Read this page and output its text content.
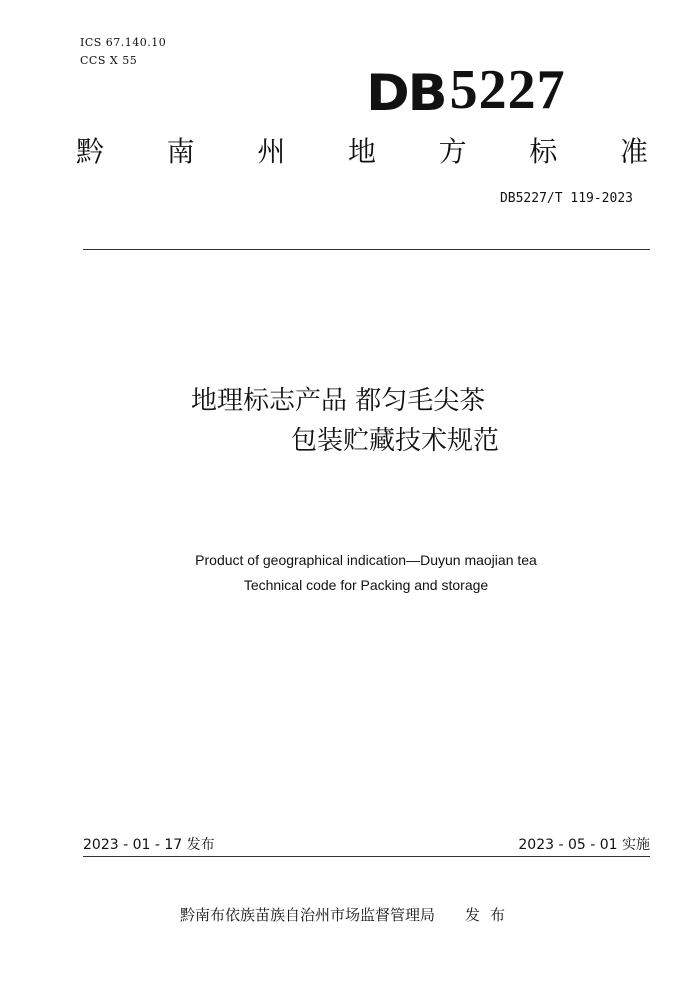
ICS 67.140.10
CCS X 55
DB 5227
黔 南 州 地 方 标 准
DB5227/T 119-2023
地理标志产品 都匀毛尖茶
包装贮藏技术规范
Product of geographical indication—Duyun maojian tea
Technical code for Packing and storage
2023 - 01 - 17 发布	2023 - 05 - 01 实施
黔南布依族苗族自治州市场监督管理局 发布
